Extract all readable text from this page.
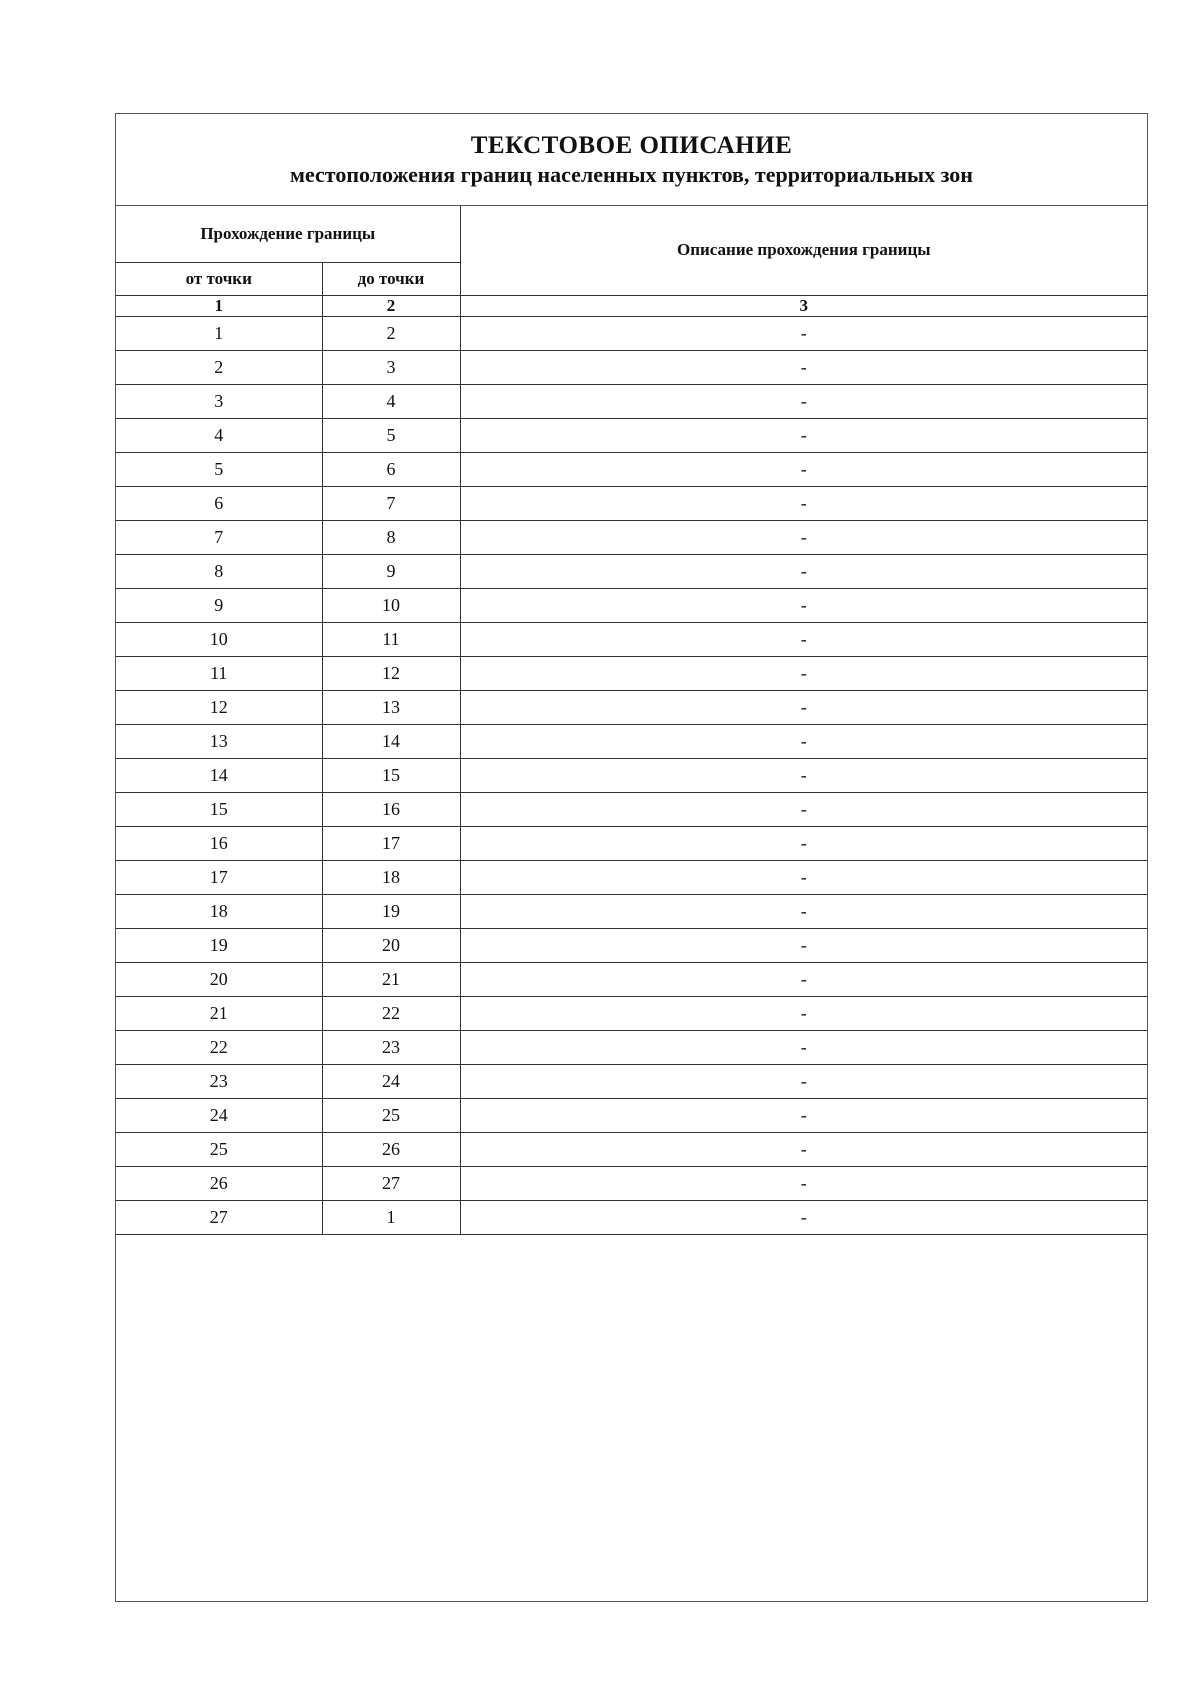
ТЕКСТОВОЕ ОПИСАНИЕ
местоположения границ населенных пунктов, территориальных зон
Прохождение границы		Описание прохождения границы
от точки	до точки	
1	2	3
1	2	-
2	3	-
3	4	-
4	5	-
5	6	-
6	7	-
7	8	-
8	9	-
9	10	-
10	11	-
11	12	-
12	13	-
13	14	-
14	15	-
15	16	-
16	17	-
17	18	-
18	19	-
19	20	-
20	21	-
21	22	-
22	23	-
23	24	-
24	25	-
25	26	-
26	27	-
27	1	-
